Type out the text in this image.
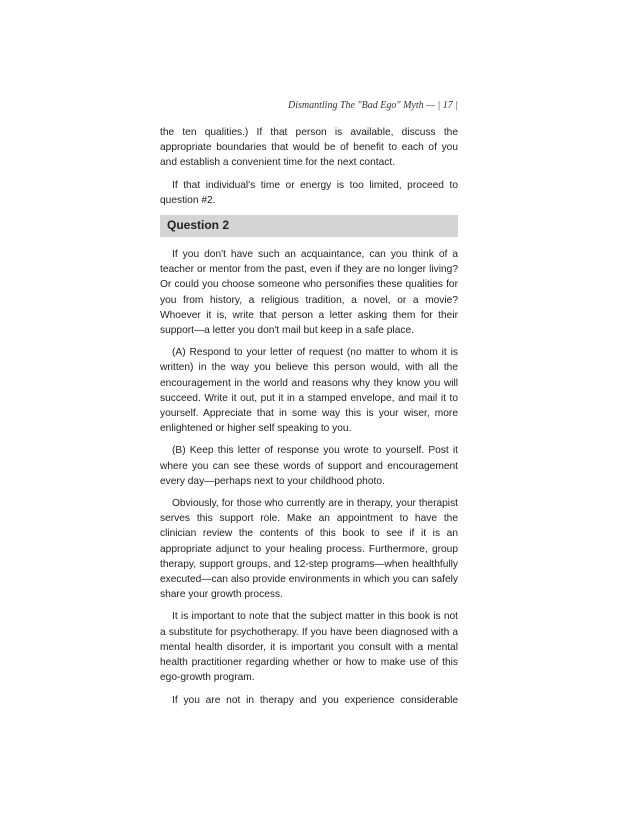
Dismantling The "Bad Ego" Myth — | 17 |

the ten qualities.) If that person is available, discuss the appropriate boundaries that would be of benefit to each of you and establish a convenient time for the next contact.

If that individual's time or energy is too limited, proceed to question #2.

Question 2

If you don't have such an acquaintance, can you think of a teacher or mentor from the past, even if they are no longer living? Or could you choose someone who personifies these qualities for you from history, a religious tradition, a novel, or a movie? Whoever it is, write that person a letter asking them for their support—a letter you don't mail but keep in a safe place.

(A) Respond to your letter of request (no matter to whom it is written) in the way you believe this person would, with all the encouragement in the world and reasons why they know you will succeed. Write it out, put it in a stamped envelope, and mail it to yourself. Appreciate that in some way this is your wiser, more enlightened or higher self speaking to you.

(B) Keep this letter of response you wrote to yourself. Post it where you can see these words of support and encouragement every day—perhaps next to your childhood photo.

Obviously, for those who currently are in therapy, your therapist serves this support role. Make an appointment to have the clinician review the contents of this book to see if it is an appropriate adjunct to your healing process. Furthermore, group therapy, support groups, and 12-step programs—when healthfully executed—can also provide environments in which you can safely share your growth process.

It is important to note that the subject matter in this book is not a substitute for psychotherapy. If you have been diagnosed with a mental health disorder, it is important you consult with a mental health practitioner regarding whether or how to make use of this ego-growth program.

If you are not in therapy and you experience considerable
